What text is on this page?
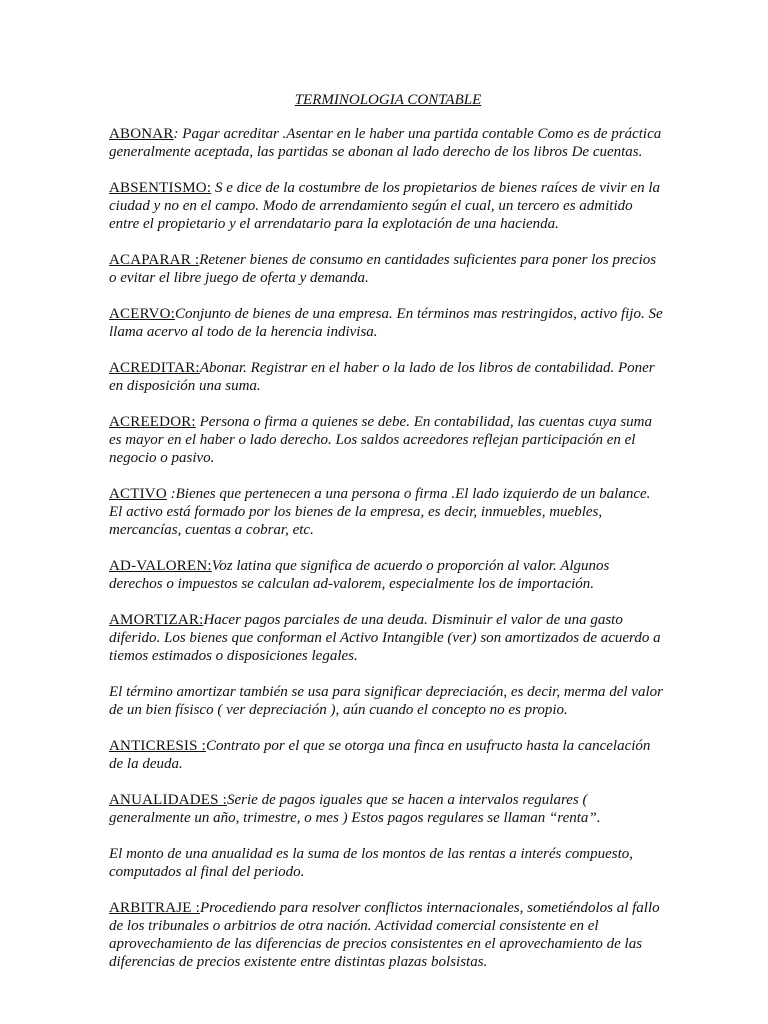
TERMINOLOGIA CONTABLE

ABONAR: Pagar acreditar .Asentar en le haber una partida contable Como es de práctica generalmente aceptada, las partidas se abonan al lado derecho de los libros De cuentas.

ABSENTISMO: S e dice de la costumbre de los propietarios de bienes raíces de vivir en la ciudad y no en el campo. Modo de arrendamiento según el cual, un tercero es admitido entre el propietario y el arrendatario para la explotación de una hacienda.

ACAPARAR :Retener bienes de consumo en cantidades suficientes para poner los precios o evitar el libre juego de oferta y demanda.

ACERVO:Conjunto de bienes de una empresa. En términos mas restringidos, activo fijo. Se llama acervo al todo de la herencia indivisa.

ACREDITAR:Abonar. Registrar en el haber o la lado de los libros de contabilidad. Poner en disposición una suma.

ACREEDOR: Persona o firma a quienes se debe. En contabilidad, las cuentas cuya suma es mayor en el haber o lado derecho. Los saldos acreedores reflejan participación en el negocio o pasivo.

ACTIVO :Bienes que pertenecen a una persona o firma .El lado izquierdo de un balance. El activo está formado por los bienes de la empresa, es decir, inmuebles, muebles, mercancías, cuentas a cobrar, etc.

AD-VALOREN:Voz latina que significa de acuerdo o proporción al valor. Algunos derechos o impuestos se calculan ad-valorem, especialmente los de importación.

AMORTIZAR:Hacer pagos parciales de una deuda. Disminuir el valor de una gasto diferido. Los bienes que conforman el Activo Intangible (ver) son amortizados de acuerdo a tiemos estimados o disposiciones legales.

El término amortizar también se usa para significar depreciación, es decir, merma del valor de un bien físisco ( ver depreciación ), aún cuando el concepto no es propio.

ANTICRESIS :Contrato por el que se otorga una finca en usufructo hasta la cancelación de la deuda.

ANUALIDADES :Serie de pagos iguales que se hacen a intervalos regulares ( generalmente un año, trimestre, o mes ) Estos pagos regulares se llaman “renta”.

El monto de una anualidad es la suma de los montos de las rentas a interés compuesto, computados al final del periodo.

ARBITRAJE :Procediendo para resolver conflictos internacionales, sometiéndolos al fallo de los tribunales o arbitrios de otra nación. Actividad comercial consistente en el aprovechamiento de las diferencias de precios consistentes en el aprovechamiento de las diferencias de precios existente entre distintas plazas bolsistas.
